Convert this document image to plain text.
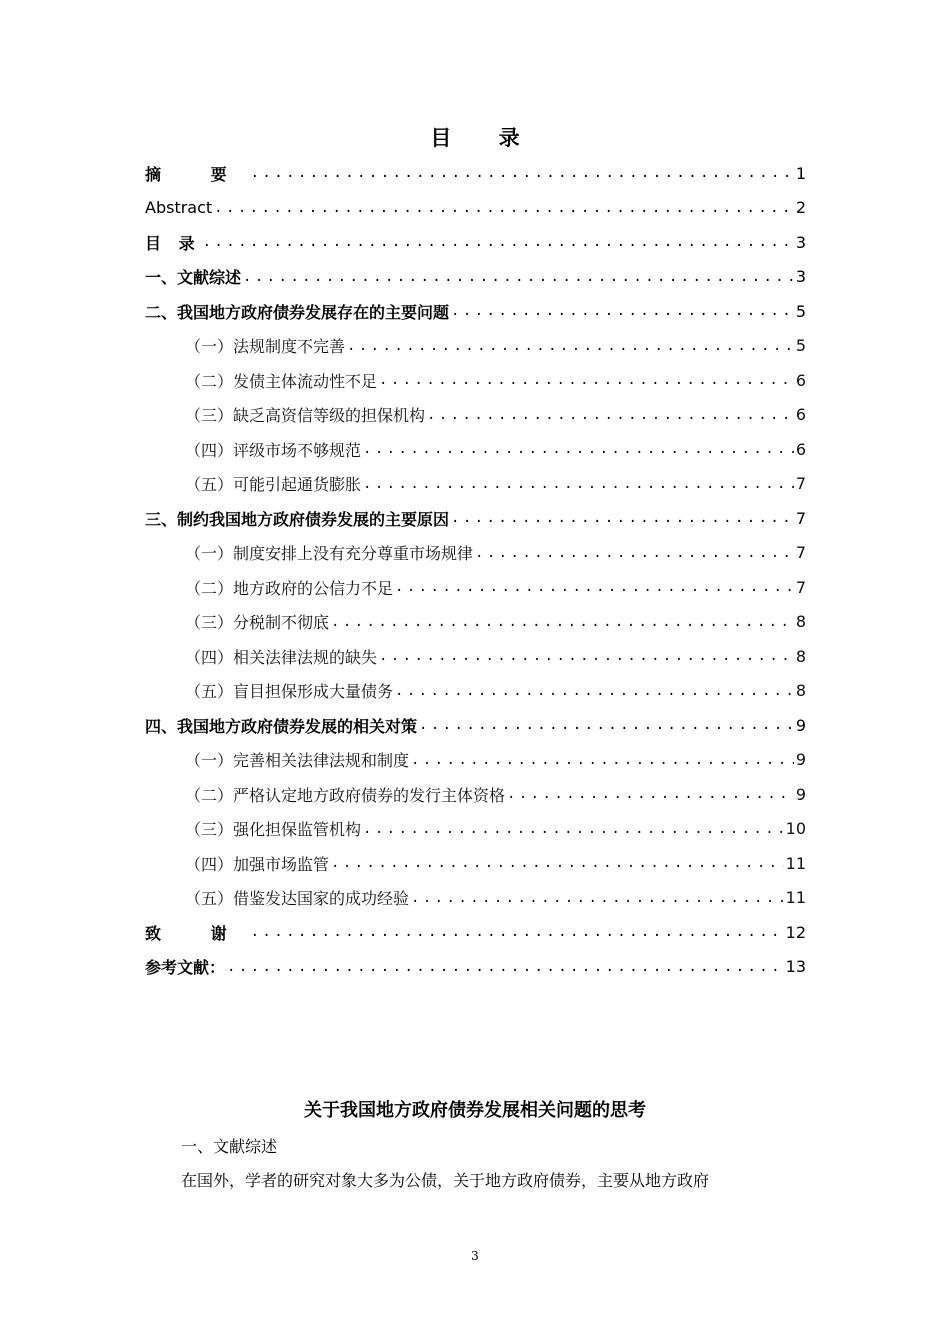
目 录
摘 要 .....	1
Abstract .....	2
目 录 .....	3
一、文献综述 .....	3
二、我国地方政府债券发展存在的主要问题 .....	5
（一）法规制度不完善 .....	5
（二）发债主体流动性不足 .....	6
（三）缺乏高资信等级的担保机构 .....	6
（四）评级市场不够规范 .....	6
（五）可能引起通货膨胀 .....	7
三、制约我国地方政府债券发展的主要原因 .....	7
（一）制度安排上没有充分尊重市场规律 .....	7
（二）地方政府的公信力不足 .....	7
（三）分税制不彻底 .....	8
（四）相关法律法规的缺失 .....	8
（五）盲目担保形成大量债务 .....	8
四、我国地方政府债券发展的相关对策 .....	9
（一）完善相关法律法规和制度 .....	9
（二）严格认定地方政府债券的发行主体资格 .....	9
（三）强化担保监管机构 .....	10
（四）加强市场监管 .....	11
（五）借鉴发达国家的成功经验 .....	11
致 谢 .....	12
参考文献： .....	13
关于我国地方政府债券发展相关问题的思考
一、文献综述
在国外，学者的研究对象大多为公债，关于地方政府债券，主要从地方政府
3
